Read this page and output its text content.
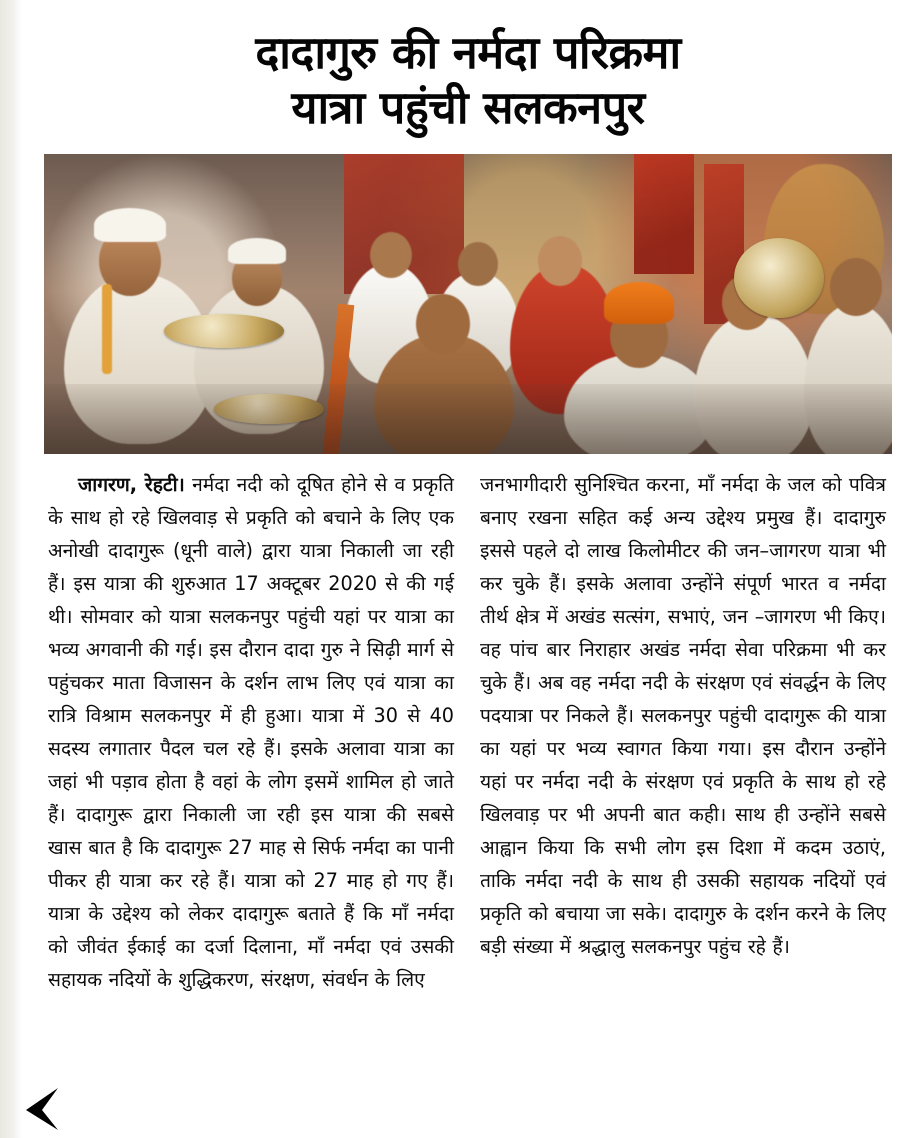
दादागुरु की नर्मदा परिक्रमा
यात्रा पहुंची सलकनपुर

जागरण, रेहटी। नर्मदा नदी को दूषित होने से व प्रकृति के साथ हो रहे खिलवाड़ से प्रकृति को बचाने के लिए एक अनोखी दादागुरू (धूनी वाले) द्वारा यात्रा निकाली जा रही हैं। इस यात्रा की शुरुआत 17 अक्टूबर 2020 से की गई थी। सोमवार को यात्रा सलकनपुर पहुंची यहां पर यात्रा का भव्य अगवानी की गई। इस दौरान दादा गुरु ने सिढ़ी मार्ग से पहुंचकर माता विजासन के दर्शन लाभ लिए एवं यात्रा का रात्रि विश्राम सलकनपुर में ही हुआ। यात्रा में 30 से 40 सदस्य लगातार पैदल चल रहे हैं। इसके अलावा यात्रा का जहां भी पड़ाव होता है वहां के लोग इसमें शामिल हो जाते हैं। दादागुरू द्वारा निकाली जा रही इस यात्रा की सबसे खास बात है कि दादागुरू 27 माह से सिर्फ नर्मदा का पानी पीकर ही यात्रा कर रहे हैं। यात्रा को 27 माह हो गए हैं। यात्रा के उद्देश्य को लेकर दादागुरू बताते हैं कि माँ नर्मदा को जीवंत ईकाई का दर्जा दिलाना, माँ नर्मदा एवं उसकी सहायक नदियों के शुद्धिकरण, संरक्षण, संवर्धन के लिए

जनभागीदारी सुनिश्चित करना, माँ नर्मदा के जल को पवित्र बनाए रखना सहित कई अन्य उद्देश्य प्रमुख हैं। दादागुरु इससे पहले दो लाख किलोमीटर की जन–जागरण यात्रा भी कर चुके हैं। इसके अलावा उन्होंने संपूर्ण भारत व नर्मदा तीर्थ क्षेत्र में अखंड सत्संग, सभाएं, जन –जागरण भी किए। वह पांच बार निराहार अखंड नर्मदा सेवा परिक्रमा भी कर चुके हैं। अब वह नर्मदा नदी के संरक्षण एवं संवर्द्धन के लिए पदयात्रा पर निकले हैं। सलकनपुर पहुंची दादागुरू की यात्रा का यहां पर भव्य स्वागत किया गया। इस दौरान उन्होंने यहां पर नर्मदा नदी के संरक्षण एवं प्रकृति के साथ हो रहे खिलवाड़ पर भी अपनी बात कही। साथ ही उन्होंने सबसे आह्वान किया कि सभी लोग इस दिशा में कदम उठाएं, ताकि नर्मदा नदी के साथ ही उसकी सहायक नदियों एवं प्रकृति को बचाया जा सके। दादागुरु के दर्शन करने के लिए बड़ी संख्या में श्रद्धालु सलकनपुर पहुंच रहे हैं।
